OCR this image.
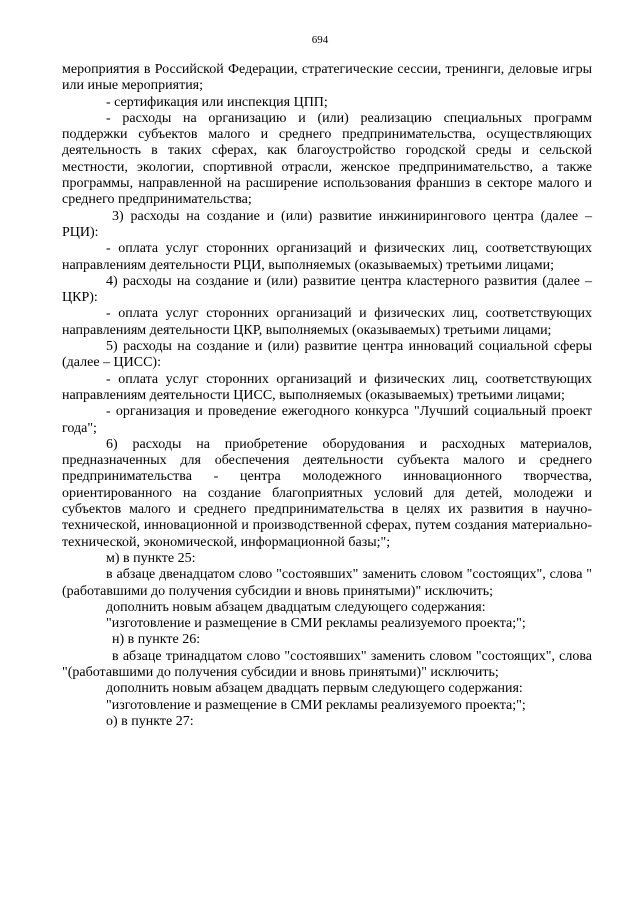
694

мероприятия в Российской Федерации, стратегические сессии, тренинги, деловые игры или иные мероприятия;

- сертификация или инспекция ЦПП;

- расходы на организацию и (или) реализацию специальных программ поддержки субъектов малого и среднего предпринимательства, осуществляющих деятельность в таких сферах, как благоустройство городской среды и сельской местности, экологии, спортивной отрасли, женское предпринимательство, а также программы, направленной на расширение использования франшиз в секторе малого и среднего предпринимательства;

3) расходы на создание и (или) развитие инжинирингового центра (далее – РЦИ):

- оплата услуг сторонних организаций и физических лиц, соответствующих направлениям деятельности РЦИ, выполняемых (оказываемых) третьими лицами;

4) расходы на создание и (или) развитие центра кластерного развития (далее – ЦКР):

- оплата услуг сторонних организаций и физических лиц, соответствующих направлениям деятельности ЦКР, выполняемых (оказываемых) третьими лицами;

5) расходы на создание и (или) развитие центра инноваций социальной сферы (далее – ЦИСС):

- оплата услуг сторонних организаций и физических лиц, соответствующих направлениям деятельности ЦИСС, выполняемых (оказываемых) третьими лицами;

- организация и проведение ежегодного конкурса "Лучший социальный проект года";

6) расходы на приобретение оборудования и расходных материалов, предназначенных для обеспечения деятельности субъекта малого и среднего предпринимательства - центра молодежного инновационного творчества, ориентированного на создание благоприятных условий для детей, молодежи и субъектов малого и среднего предпринимательства в целях их развития в научно-технической, инновационной и производственной сферах, путем создания материально-технической, экономической, информационной базы;";

м) в пункте 25:

в абзаце двенадцатом слово "состоявших" заменить словом "состоящих", слова "(работавшими до получения субсидии и вновь принятыми)" исключить;

дополнить новым абзацем двадцатым следующего содержания:

"изготовление и размещение в СМИ рекламы реализуемого проекта;";

н) в пункте 26:

в абзаце тринадцатом слово "состоявших" заменить словом "состоящих", слова "(работавшими до получения субсидии и вновь принятыми)" исключить;

дополнить новым абзацем двадцать первым следующего содержания:

"изготовление и размещение в СМИ рекламы реализуемого проекта;";

о) в пункте 27:
